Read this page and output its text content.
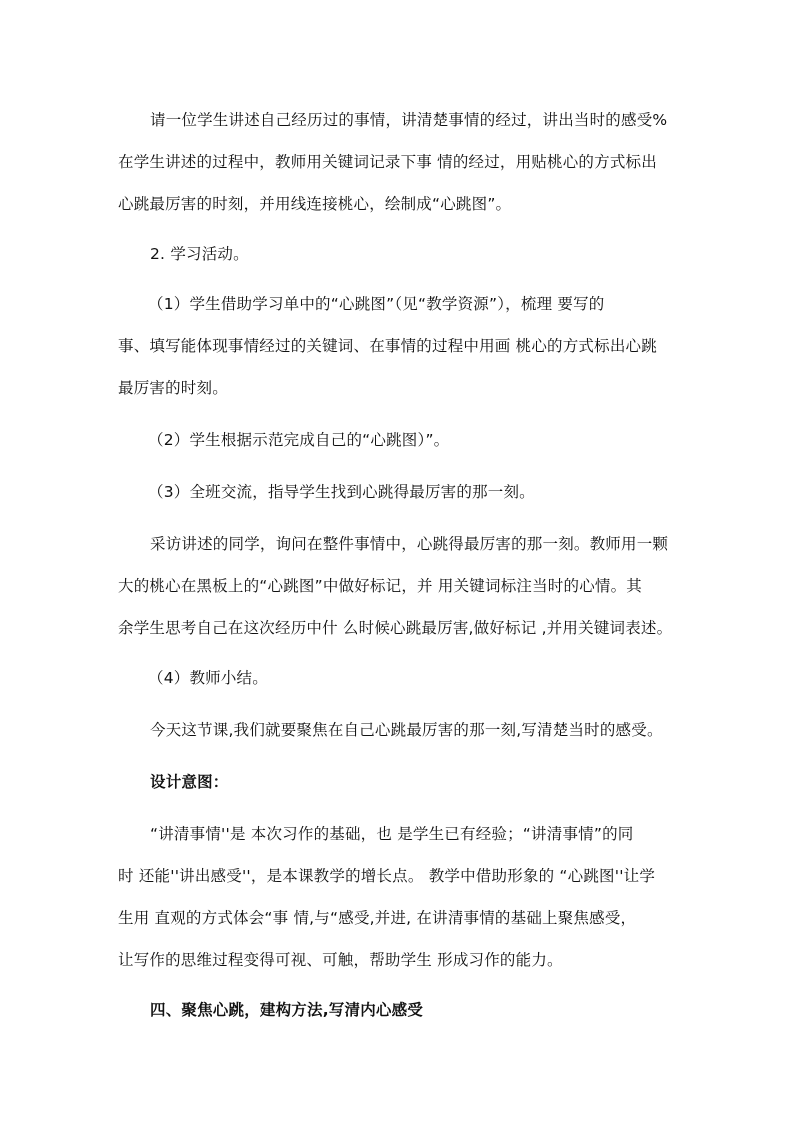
请一位学生讲述自己经历过的事情，讲清楚事情的经过，讲出当时的感受%
在学生讲述的过程中，教师用关键词记录下事 情的经过，用贴桃心的方式标出
心跳最厉害的时刻，并用线连接桃心，绘制成“心跳图”。
2. 学习活动。
（1）学生借助学习单中的“心跳图”（见“教学资源”），梳理 要写的
事、填写能体现事情经过的关键词、在事情的过程中用画 桃心的方式标出心跳
最厉害的时刻。
（2）学生根据示范完成自己的“心跳图）”。
（3）全班交流，指导学生找到心跳得最厉害的那一刻。
采访讲述的同学，询问在整件事情中，心跳得最厉害的那一刻。教师用一颗
大的桃心在黑板上的“心跳图”中做好标记，并 用关键词标注当时的心情。其
余学生思考自己在这次经历中什 么时候心跳最厉害,做好标记 ,并用关键词表述。
（4）教师小结。
今天这节课,我们就要聚焦在自己心跳最厉害的那一刻,写清楚当时的感受。
设计意图：
“讲清事情''是 本次习作的基础，也 是学生已有经验；“讲清事情”的同
时 还能''讲出感受''，是本课教学的增长点。 教学中借助形象的 “心跳图''让学
生用 直观的方式体会“事 情,与“感受,并进, 在讲清事情的基础上聚焦感受，
让写作的思维过程变得可视、可触，帮助学生 形成习作的能力。
四、聚焦心跳，建构方法,写清内心感受
